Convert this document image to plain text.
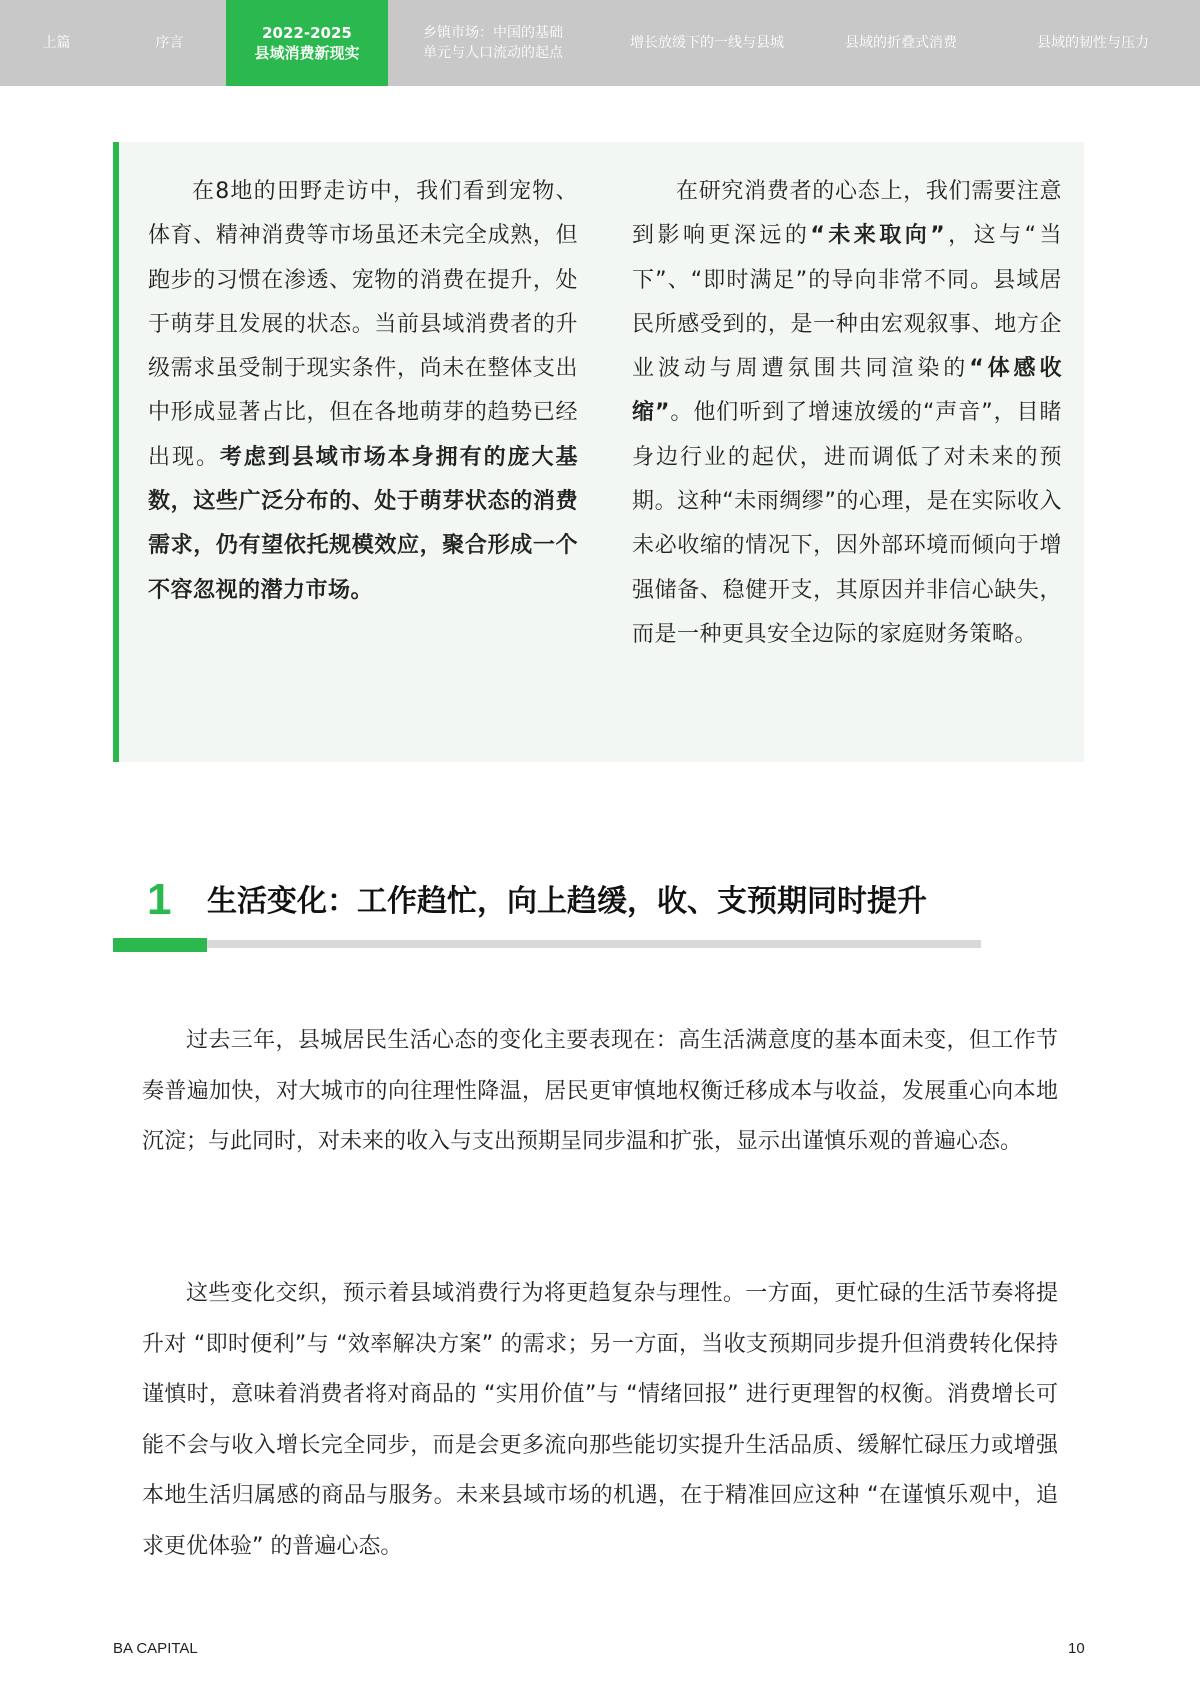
上篇	序言
2022-2025
县域消费新现实
乡镇市场：中国的基础
单元与人口流动的起点
增长放缓下的一线与县城	县域的折叠式消费	县域的韧性与压力

在8地的田野走访中，我们看到宠物、体育、精神消费等市场虽还未完全成熟，但跑步的习惯在渗透、宠物的消费在提升，处于萌芽且发展的状态。当前县域消费者的升级需求虽受制于现实条件，尚未在整体支出中形成显著占比，但在各地萌芽的趋势已经出现。考虑到县域市场本身拥有的庞大基数，这些广泛分布的、处于萌芽状态的消费需求，仍有望依托规模效应，聚合形成一个不容忽视的潜力市场。

在研究消费者的心态上，我们需要注意到影响更深远的“未来取向”，这与“当下”、“即时满足”的导向非常不同。县域居民所感受到的，是一种由宏观叙事、地方企业波动与周遭氛围共同渲染的“体感收缩”。他们听到了增速放缓的“声音”，目睹身边行业的起伏，进而调低了对未来的预期。这种“未雨绸缪”的心理，是在实际收入未必收缩的情况下，因外部环境而倾向于增强储备、稳健开支，其原因并非信心缺失，而是一种更具安全边际的家庭财务策略。

1 生活变化：工作趋忙，向上趋缓，收、支预期同时提升

过去三年，县城居民生活心态的变化主要表现在：高生活满意度的基本面未变，但工作节奏普遍加快，对大城市的向往理性降温，居民更审慎地权衡迁移成本与收益，发展重心向本地沉淀；与此同时，对未来的收入与支出预期呈同步温和扩张，显示出谨慎乐观的普遍心态。

这些变化交织，预示着县域消费行为将更趋复杂与理性。一方面，更忙碌的生活节奏将提升对 “即时便利”与 “效率解决方案” 的需求；另一方面，当收支预期同步提升但消费转化保持谨慎时，意味着消费者将对商品的 “实用价值”与 “情绪回报” 进行更理智的权衡。消费增长可能不会与收入增长完全同步，而是会更多流向那些能切实提升生活品质、缓解忙碌压力或增强本地生活归属感的商品与服务。未来县域市场的机遇，在于精准回应这种 “在谨慎乐观中，追求更优体验” 的普遍心态。

BA CAPITAL	10
